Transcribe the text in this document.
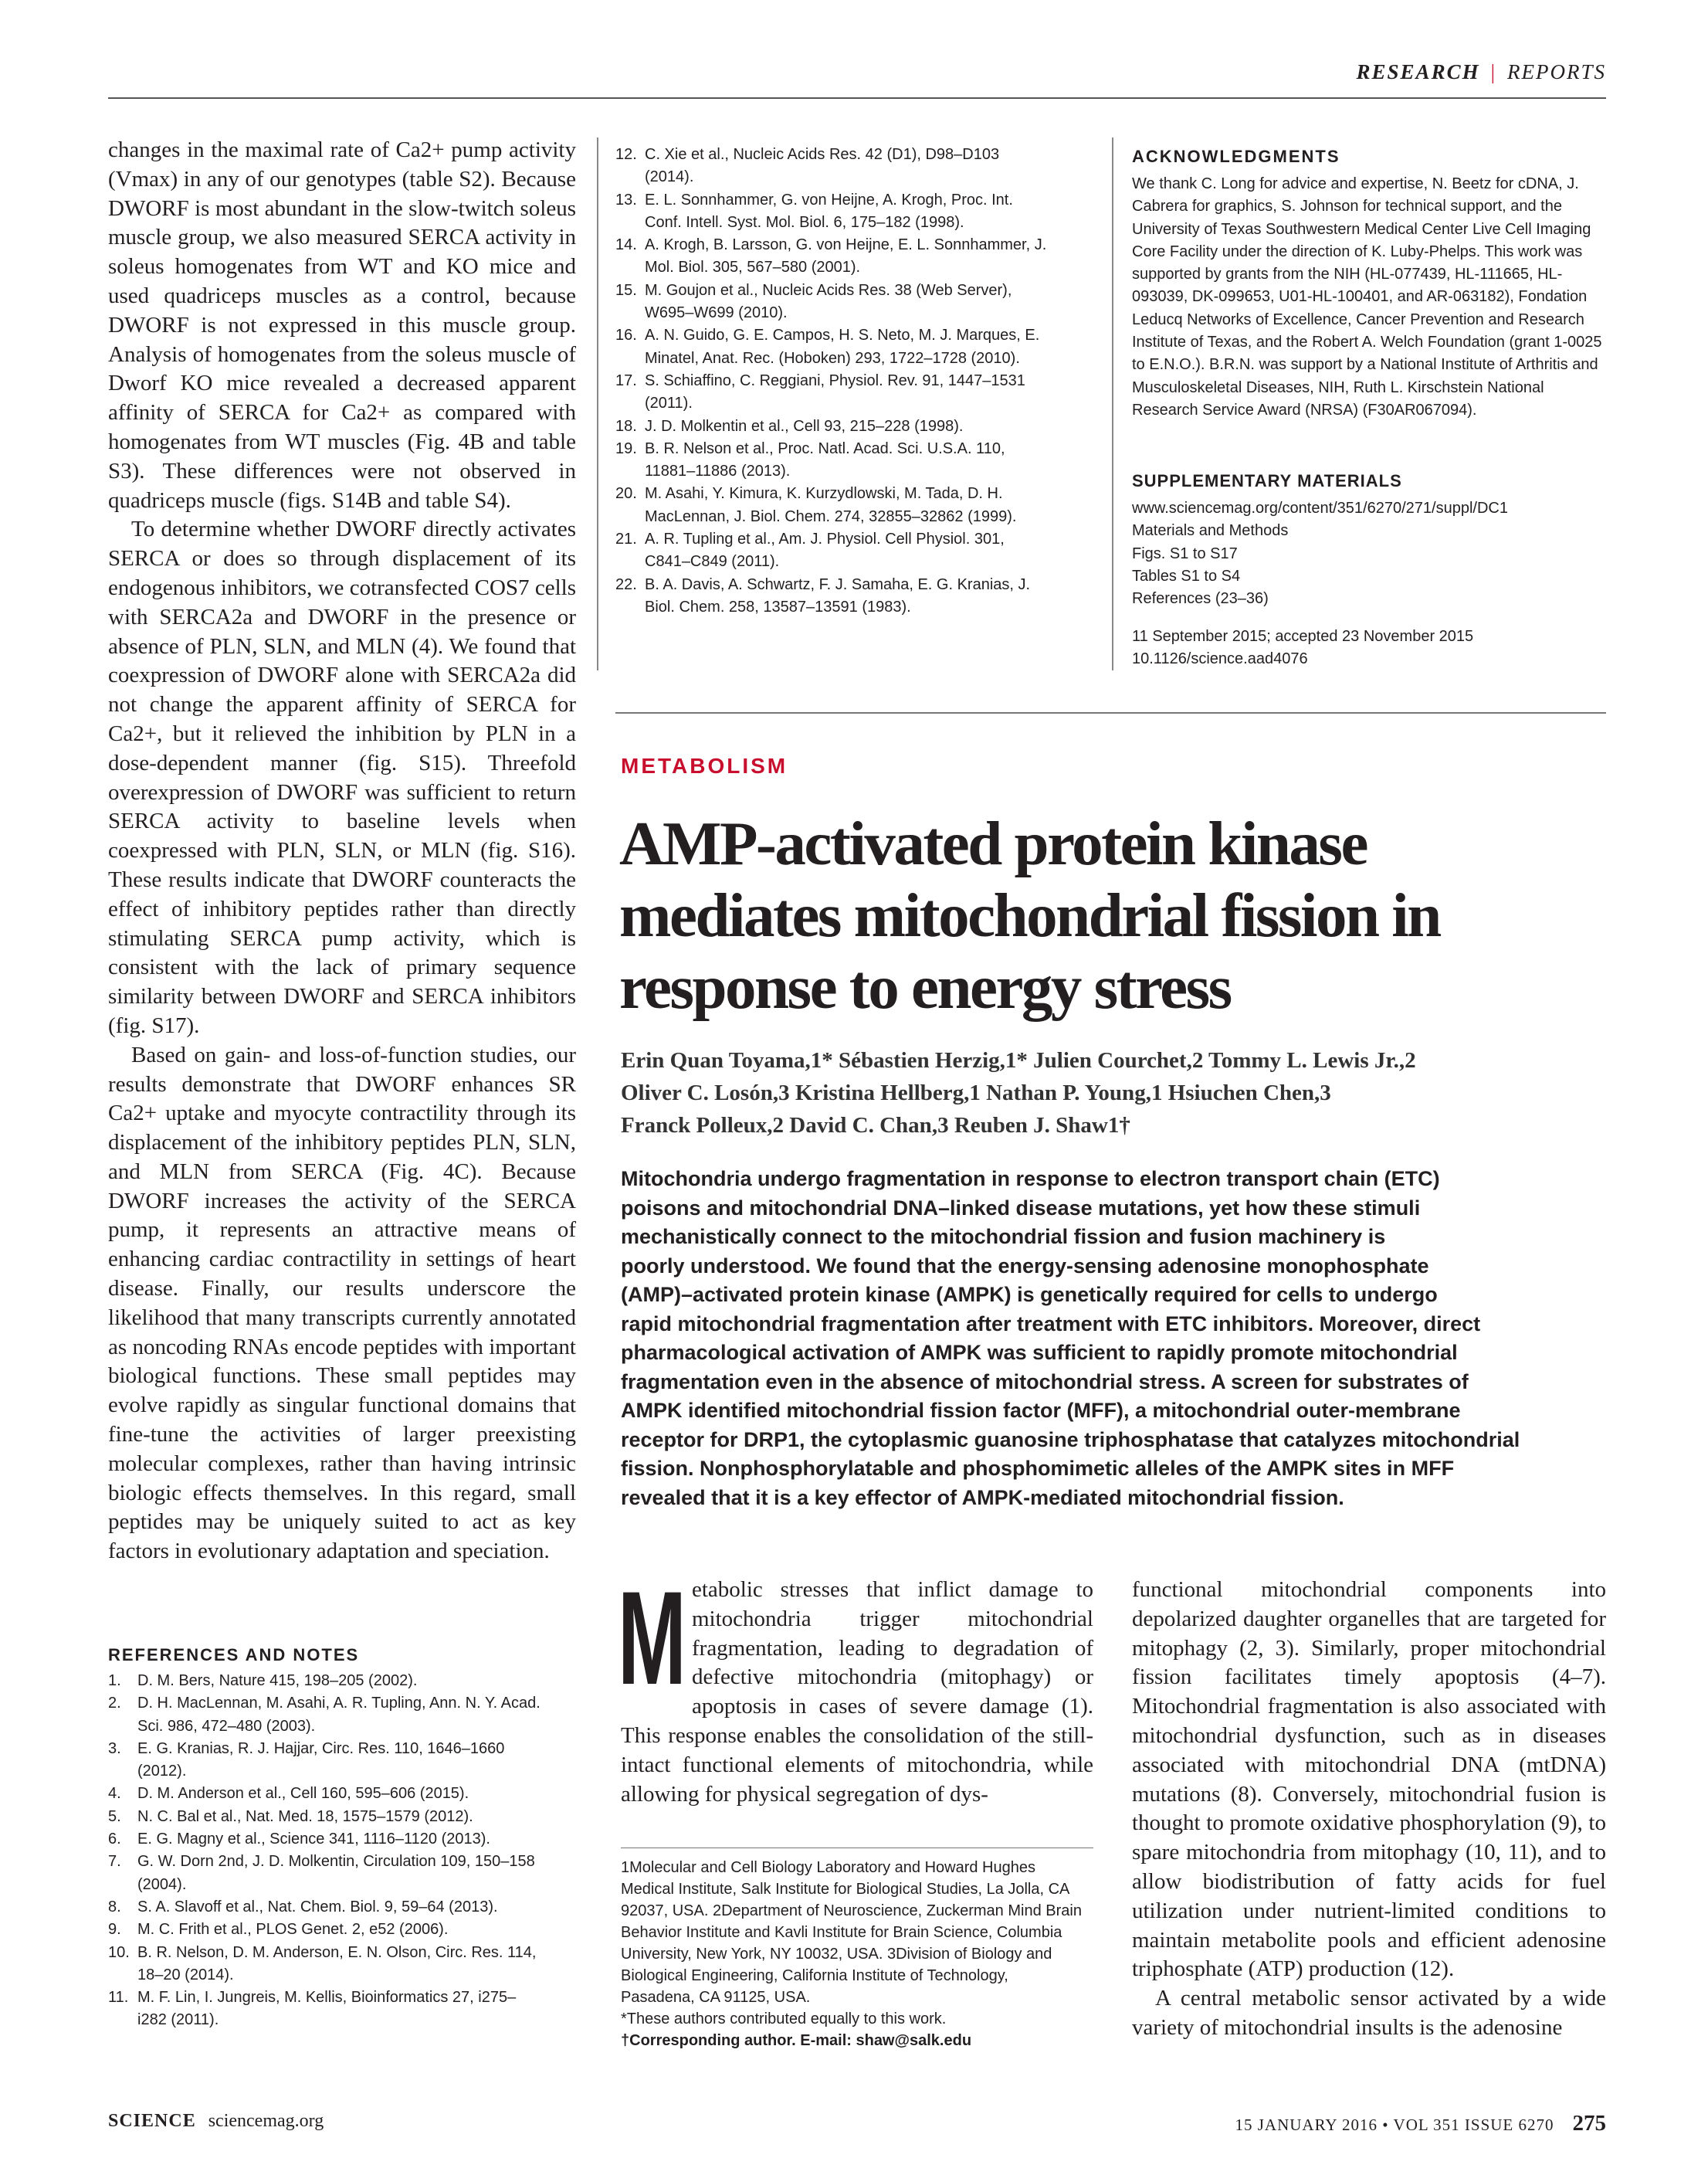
RESEARCH | REPORTS

changes in the maximal rate of Ca2+ pump activity (Vmax) in any of our genotypes (table S2). Because DWORF is most abundant in the slow-twitch soleus muscle group, we also measured SERCA activity in soleus homogenates from WT and KO mice and used quadriceps muscles as a control, because DWORF is not expressed in this muscle group. Analysis of homogenates from the soleus muscle of Dworf KO mice revealed a decreased apparent affinity of SERCA for Ca2+ as compared with homogenates from WT muscles (Fig. 4B and table S3). These differences were not observed in quadriceps muscle (figs. S14B and table S4).

To determine whether DWORF directly activates SERCA or does so through displacement of its endogenous inhibitors, we cotransfected COS7 cells with SERCA2a and DWORF in the presence or absence of PLN, SLN, and MLN (4). We found that coexpression of DWORF alone with SERCA2a did not change the apparent affinity of SERCA for Ca2+, but it relieved the inhibition by PLN in a dose-dependent manner (fig. S15). Threefold overexpression of DWORF was sufficient to return SERCA activity to baseline levels when coexpressed with PLN, SLN, or MLN (fig. S16). These results indicate that DWORF counteracts the effect of inhibitory peptides rather than directly stimulating SERCA pump activity, which is consistent with the lack of primary sequence similarity between DWORF and SERCA inhibitors (fig. S17).

Based on gain- and loss-of-function studies, our results demonstrate that DWORF enhances SR Ca2+ uptake and myocyte contractility through its displacement of the inhibitory peptides PLN, SLN, and MLN from SERCA (Fig. 4C). Because DWORF increases the activity of the SERCA pump, it represents an attractive means of enhancing cardiac contractility in settings of heart disease. Finally, our results underscore the likelihood that many transcripts currently annotated as noncoding RNAs encode peptides with important biological functions. These small peptides may evolve rapidly as singular functional domains that fine-tune the activities of larger preexisting molecular complexes, rather than having intrinsic biologic effects themselves. In this regard, small peptides may be uniquely suited to act as key factors in evolutionary adaptation and speciation.

REFERENCES AND NOTES
1.	D. M. Bers, Nature 415, 198–205 (2002).
2.	D. H. MacLennan, M. Asahi, A. R. Tupling, Ann. N. Y. Acad. Sci. 986, 472–480 (2003).
3.	E. G. Kranias, R. J. Hajjar, Circ. Res. 110, 1646–1660 (2012).
4.	D. M. Anderson et al., Cell 160, 595–606 (2015).
5.	N. C. Bal et al., Nat. Med. 18, 1575–1579 (2012).
6.	E. G. Magny et al., Science 341, 1116–1120 (2013).
7.	G. W. Dorn 2nd, J. D. Molkentin, Circulation 109, 150–158 (2004).
8.	S. A. Slavoff et al., Nat. Chem. Biol. 9, 59–64 (2013).
9.	M. C. Frith et al., PLOS Genet. 2, e52 (2006).
10. B. R. Nelson, D. M. Anderson, E. N. Olson, Circ. Res. 114, 18–20 (2014).
11. M. F. Lin, I. Jungreis, M. Kellis, Bioinformatics 27, i275–i282 (2011).
12. C. Xie et al., Nucleic Acids Res. 42 (D1), D98–D103 (2014).
13. E. L. Sonnhammer, G. von Heijne, A. Krogh, Proc. Int. Conf. Intell. Syst. Mol. Biol. 6, 175–182 (1998).
14. A. Krogh, B. Larsson, G. von Heijne, E. L. Sonnhammer, J. Mol. Biol. 305, 567–580 (2001).
15. M. Goujon et al., Nucleic Acids Res. 38 (Web Server), W695–W699 (2010).
16. A. N. Guido, G. E. Campos, H. S. Neto, M. J. Marques, E. Minatel, Anat. Rec. (Hoboken) 293, 1722–1728 (2010).
17. S. Schiaffino, C. Reggiani, Physiol. Rev. 91, 1447–1531 (2011).
18. J. D. Molkentin et al., Cell 93, 215–228 (1998).
19. B. R. Nelson et al., Proc. Natl. Acad. Sci. U.S.A. 110, 11881–11886 (2013).
20. M. Asahi, Y. Kimura, K. Kurzydlowski, M. Tada, D. H. MacLennan, J. Biol. Chem. 274, 32855–32862 (1999).
21. A. R. Tupling et al., Am. J. Physiol. Cell Physiol. 301, C841–C849 (2011).
22. B. A. Davis, A. Schwartz, F. J. Samaha, E. G. Kranias, J. Biol. Chem. 258, 13587–13591 (1983).
ACKNOWLEDGMENTS

We thank C. Long for advice and expertise, N. Beetz for cDNA, J. Cabrera for graphics, S. Johnson for technical support, and the University of Texas Southwestern Medical Center Live Cell Imaging Core Facility under the direction of K. Luby-Phelps. This work was supported by grants from the NIH (HL-077439, HL-111665, HL-093039, DK-099653, U01-HL-100401, and AR-063182), Fondation Leducq Networks of Excellence, Cancer Prevention and Research Institute of Texas, and the Robert A. Welch Foundation (grant 1-0025 to E.N.O.). B.R.N. was support by a National Institute of Arthritis and Musculoskeletal Diseases, NIH, Ruth L. Kirschstein National Research Service Award (NRSA) (F30AR067094).

SUPPLEMENTARY MATERIALS

www.sciencemag.org/content/351/6270/271/suppl/DC1

Materials and Methods

Figs. S1 to S17

Tables S1 to S4

References (23–36)

11 September 2015; accepted 23 November 2015

10.1126/science.aad4076

METABOLISM
AMP-activated protein kinase
mediates mitochondrial fission in
response to energy stress
Erin Quan Toyama,1* Sébastien Herzig,1* Julien Courchet,2 Tommy L. Lewis Jr.,2
Oliver C. Losón,3 Kristina Hellberg,1 Nathan P. Young,1 Hsiuchen Chen,3
Franck Polleux,2 David C. Chan,3 Reuben J. Shaw1†
Mitochondria undergo fragmentation in response to electron transport chain (ETC)
poisons and mitochondrial DNA–linked disease mutations, yet how these stimuli
mechanistically connect to the mitochondrial fission and fusion machinery is
poorly understood. We found that the energy-sensing adenosine monophosphate
(AMP)–activated protein kinase (AMPK) is genetically required for cells to undergo
rapid mitochondrial fragmentation after treatment with ETC inhibitors. Moreover, direct
pharmacological activation of AMPK was sufficient to rapidly promote mitochondrial
fragmentation even in the absence of mitochondrial stress. A screen for substrates of
AMPK identified mitochondrial fission factor (MFF), a mitochondrial outer-membrane
receptor for DRP1, the cytoplasmic guanosine triphosphatase that catalyzes mitochondrial
fission. Nonphosphorylatable and phosphomimetic alleles of the AMPK sites in MFF
revealed that it is a key effector of AMPK-mediated mitochondrial fission.
M etabolic stresses that inflict damage to mitochondria trigger mitochondrial fragmentation, leading to degradation of defective mitochondria (mitophagy) or apoptosis in cases of severe damage (1). This response enables the consolidation of the still-intact functional elements of mitochondria, while allowing for physical segregation of dys-

1Molecular and Cell Biology Laboratory and Howard Hughes Medical Institute, Salk Institute for Biological Studies, La Jolla, CA 92037, USA. 2Department of Neuroscience, Zuckerman Mind Brain Behavior Institute and Kavli Institute for Brain Science, Columbia University, New York, NY 10032, USA. 3Division of Biology and Biological Engineering, California Institute of Technology, Pasadena, CA 91125, USA.

*These authors contributed equally to this work.

†Corresponding author. E-mail: shaw@salk.edu

functional mitochondrial components into depolarized daughter organelles that are targeted for mitophagy (2, 3). Similarly, proper mitochondrial fission facilitates timely apoptosis (4–7). Mitochondrial fragmentation is also associated with mitochondrial dysfunction, such as in diseases associated with mitochondrial DNA (mtDNA) mutations (8). Conversely, mitochondrial fusion is thought to promote oxidative phosphorylation (9), to spare mitochondria from mitophagy (10, 11), and to allow biodistribution of fatty acids for fuel utilization under nutrient-limited conditions to maintain metabolite pools and efficient adenosine triphosphate (ATP) production (12).

A central metabolic sensor activated by a wide variety of mitochondrial insults is the adenosine

SCIENCE sciencemag.org	15 JANUARY 2016 • VOL 351 ISSUE 6270 275
